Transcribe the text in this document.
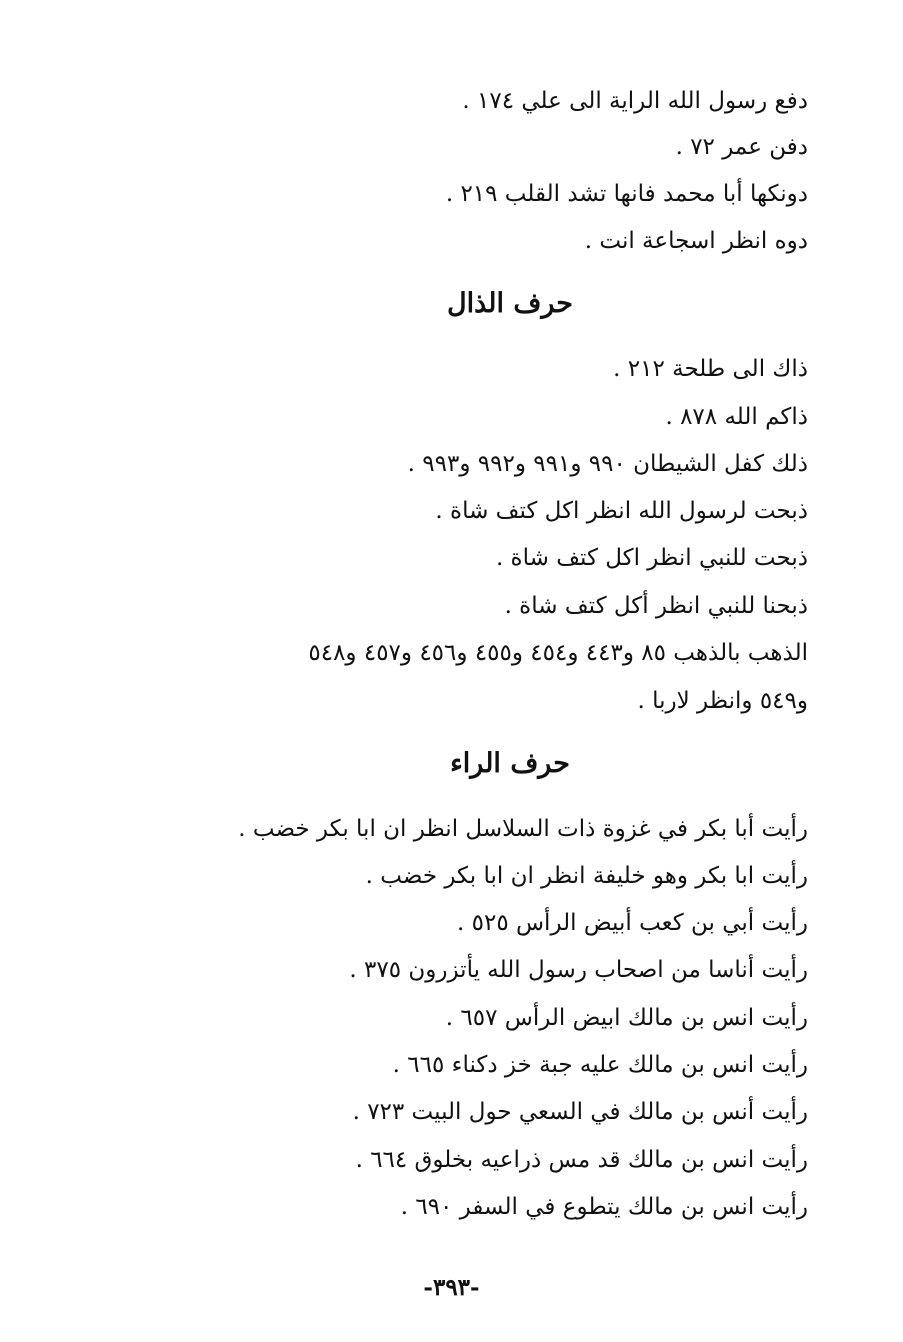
دفع رسول الله الراية الى علي ١٧٤ .
دفن عمر ٧٢ .
دونكها أبا محمد فانها تشد القلب ٢١٩ .
دوه انظر اسجاعة انت .
حرف الذال
ذاك الى طلحة ٢١٢ .
ذاكم الله ٨٧٨ .
ذلك كفل الشيطان ٩٩٠ و٩٩١ و٩٩٢ و٩٩٣ .
ذبحت لرسول الله انظر اكل كتف شاة .
ذبحت للنبي انظر اكل كتف شاة .
ذبحنا للنبي انظر أكل كتف شاة .
الذهب بالذهب ٨٥ و٤٤٣ و٤٥٤ و٤٥٥ و٤٥٦ و٤٥٧ و٥٤٨
و٥٤٩ وانظر لاربا .
حرف الراء
رأيت أبا بكر في غزوة ذات السلاسل انظر ان ابا بكر خضب .
رأيت ابا بكر وهو خليفة انظر ان ابا بكر خضب .
رأيت أبي بن كعب أبيض الرأس ٥٢٥ .
رأيت أناسا من اصحاب رسول الله يأتزرون ٣٧٥ .
رأيت انس بن مالك ابيض الرأس ٦٥٧ .
رأيت انس بن مالك عليه جبة خز دكناء ٦٦٥ .
رأيت أنس بن مالك في السعي حول البيت ٧٢٣ .
رأيت انس بن مالك قد مس ذراعيه بخلوق ٦٦٤ .
رأيت انس بن مالك يتطوع في السفر ٦٩٠ .
-٣٩٣-
